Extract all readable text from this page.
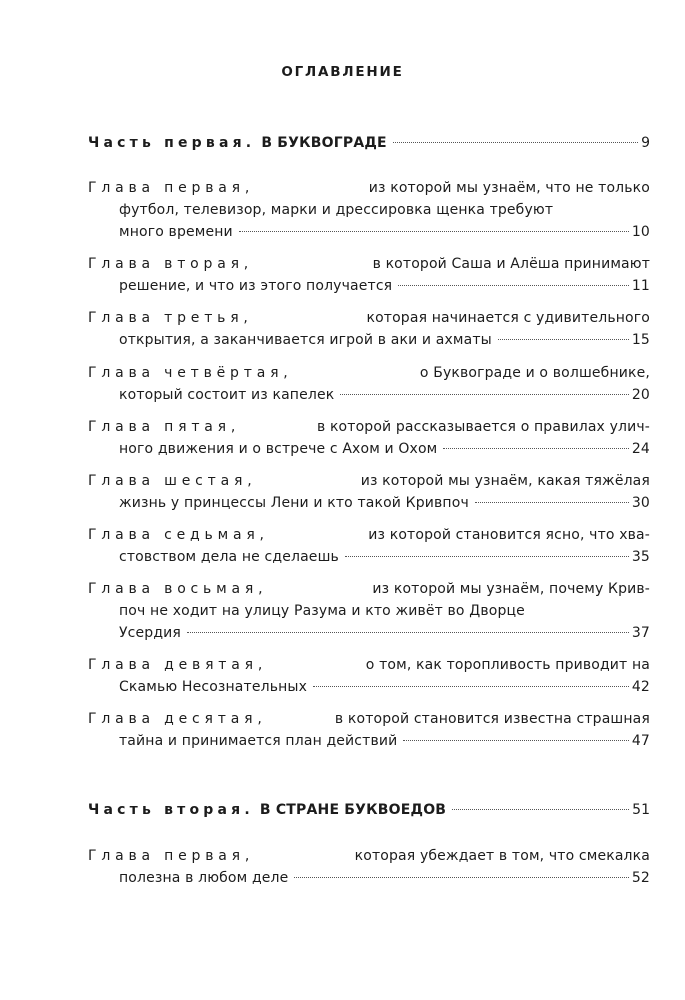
ОГЛАВЛЕНИЕ
Часть первая. В БУКВОГРАДЕ	9
Глава первая,	из которой мы узнаём, что не только
футбол, телевизор, марки и дрессировка щенка требуют
много времени	10
Глава вторая,	в которой Саша и Алёша принимают
решение, и что из этого получается	11
Глава третья,	которая начинается с удивительного
открытия, а заканчивается игрой в аки и ахматы	15
Глава четвёртая,	о Буквограде и о волшебнике,
который состоит из капелек	20
Глава пятая,	в которой рассказывается о правилах улич-
ного движения и о встрече с Ахом и Охом	24
Глава шестая,	из которой мы узнаём, какая тяжёлая
жизнь у принцессы Лени и кто такой Кривпоч	30
Глава седьмая,	из которой становится ясно, что хва-
стовством дела не сделаешь	35
Глава восьмая,	из которой мы узнаём, почему Крив-
поч не ходит на улицу Разума и кто живёт во Дворце
Усердия	37
Глава девятая,	о том, как торопливость приводит на
Скамью Несознательных	42
Глава десятая,	в которой становится известна страшная
тайна и принимается план действий	47
Часть вторая. В СТРАНЕ БУКВОЕДОВ	51
Глава первая,	которая убеждает в том, что смекалка
полезна в любом деле	52
